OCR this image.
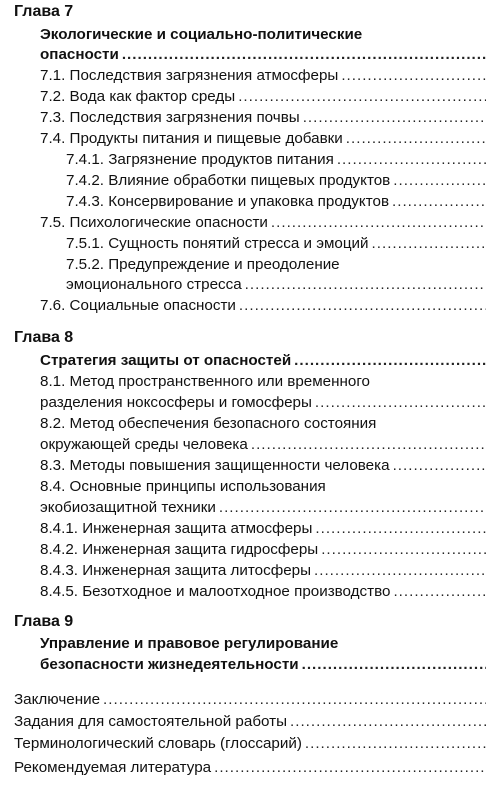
Глава 7
Экологические и социально-политические
опасности
.....
7.1. Последствия загрязнения атмосферы
.....
7.2. Вода как фактор среды
.....
7.3. Последствия загрязнения почвы
.....
7.4. Продукты питания и пищевые добавки
.....
7.4.1. Загрязнение продуктов питания
.....
7.4.2. Влияние обработки пищевых продуктов
.....
7.4.3. Консервирование и упаковка продуктов
.....
7.5. Психологические опасности
.....
7.5.1. Сущность понятий стресса и эмоций
.....
7.5.2. Предупреждение и преодоление
эмоционального стресса
.....
7.6. Социальные опасности
.....
Глава 8
Стратегия защиты от опасностей
.....
8.1. Метод пространственного или временного
разделения ноксосферы и гомосферы
.....
8.2. Метод обеспечения безопасного состояния
окружающей среды человека
.....
8.3. Методы повышения защищенности человека
.....
8.4. Основные принципы использования
экобиозащитной техники
.....
8.4.1. Инженерная защита атмосферы
.....
8.4.2. Инженерная защита гидросферы
.....
8.4.3. Инженерная защита литосферы
.....
8.4.5. Безотходное и малоотходное производство
.....
Глава 9
Управление и правовое регулирование
безопасности жизнедеятельности
.....
Заключение
.....
Задания для самостоятельной работы
.....
Терминологический словарь (глоссарий)
.....
Рекомендуемая литература
.....
